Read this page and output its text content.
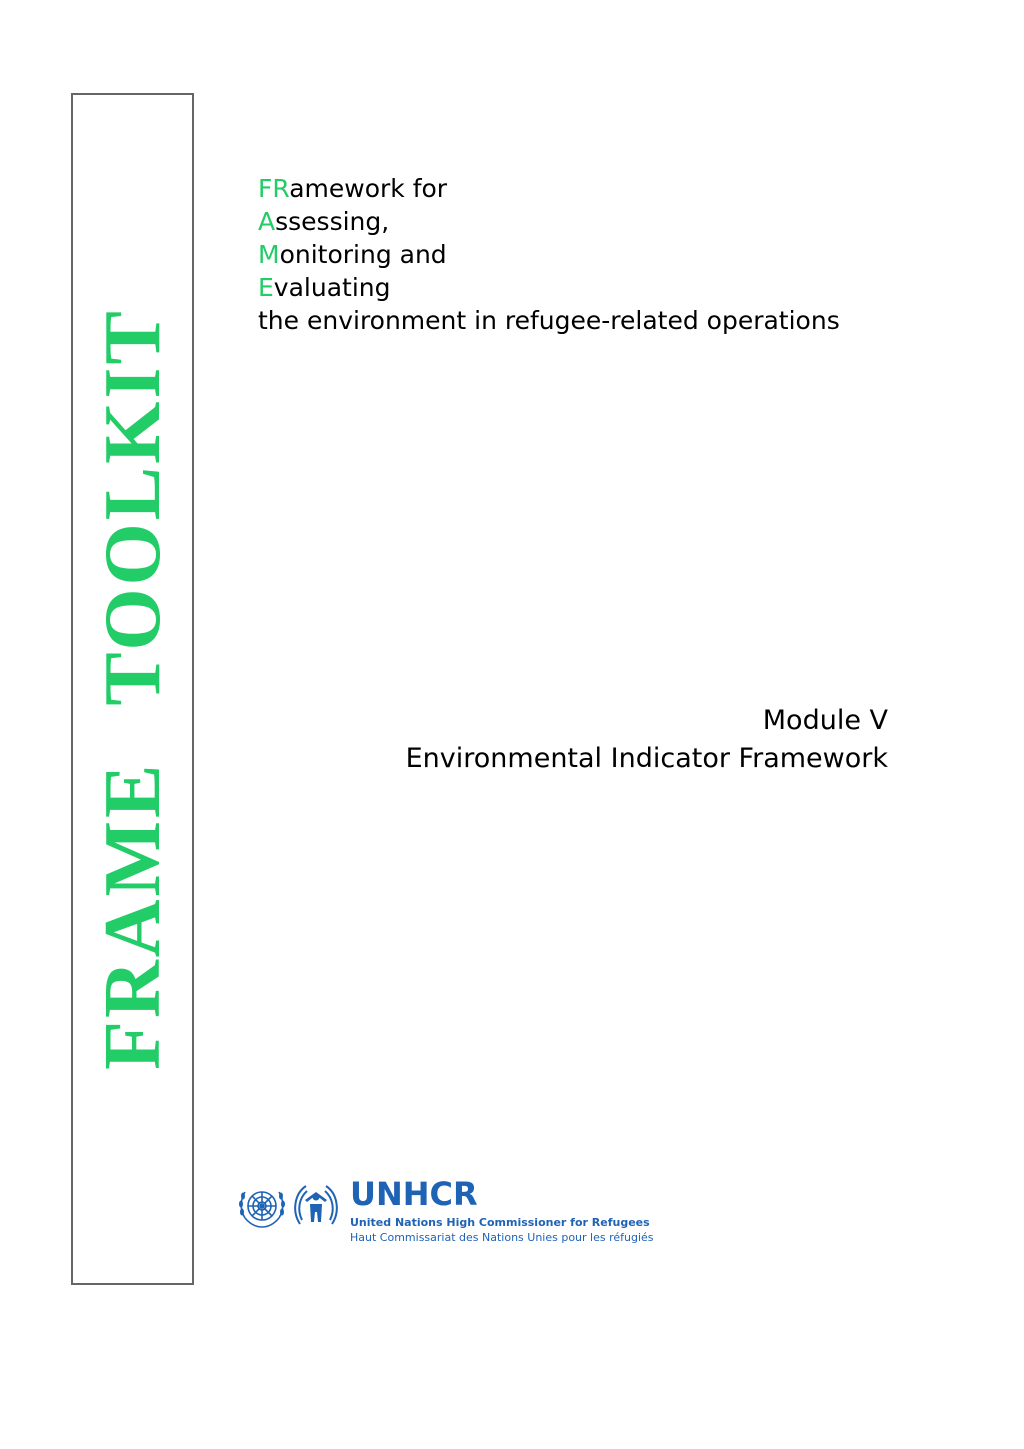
FRAMETOOLKIT
FRamework for
Assessing,
Monitoring and
Evaluating
the environment in refugee-related operations
Module V
Environmental Indicator Framework
UNHCR
United Nations High Commissioner for Refugees
Haut Commissariat des Nations Unies pour les réfugiés
